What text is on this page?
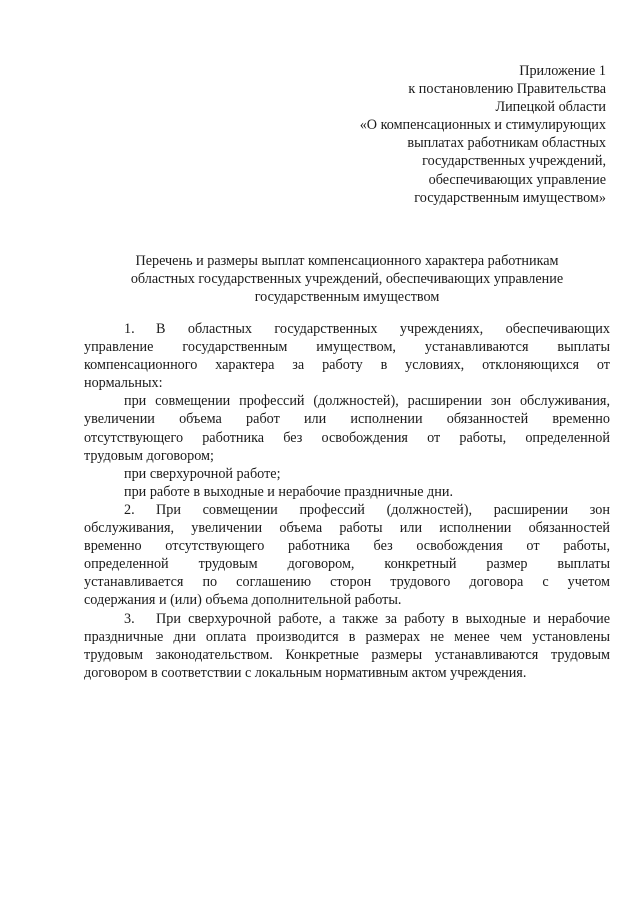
Приложение 1
к постановлению Правительства
Липецкой области
«О компенсационных и стимулирующих
выплатах работникам областных
государственных учреждений,
обеспечивающих управление
государственным имуществом»
Перечень и размеры выплат компенсационного характера работникам
областных государственных учреждений, обеспечивающих управление
государственным имуществом
1. В областных государственных учреждениях, обеспечивающих
управление государственным имуществом, устанавливаются выплаты
компенсационного характера за работу в условиях, отклоняющихся от
нормальных:
при совмещении профессий (должностей), расширении зон обслуживания,
увеличении объема работ или исполнении обязанностей временно
отсутствующего работника без освобождения от работы, определенной
трудовым договором;
при сверхурочной работе;
при работе в выходные и нерабочие праздничные дни.
2. При совмещении профессий (должностей), расширении зон
обслуживания, увеличении объема работы или исполнении обязанностей
временно отсутствующего работника без освобождения от работы,
определенной трудовым договором, конкретный размер выплаты
устанавливается по соглашению сторон трудового договора с учетом
содержания и (или) объема дополнительной работы.
3. При сверхурочной работе, а также за работу в выходные и нерабочие
праздничные дни оплата производится в размерах не менее чем установлены
трудовым законодательством. Конкретные размеры устанавливаются трудовым
договором в соответствии с локальным нормативным актом учреждения.
